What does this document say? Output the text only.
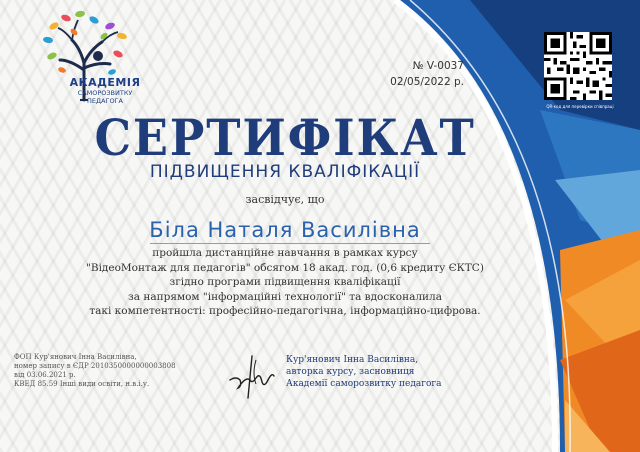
АКАДЕМІЯ
САМОРОЗВИТКУ
ПЕДАГОГА
№ V-0037
02/05/2022 р.
QR-код для перевірки співпраці
СЕРТИФІКАТ
ПІДВИЩЕННЯ КВАЛІФІКАЦІЇ
засвідчує, що
Біла Наталя Василівна
пройшла дистанційне навчання в рамках курсу
"ВідеоМонтаж для педагогів" обсягом 18 акад. год. (0,6 кредиту ЄКТС)
згідно програми підвищення кваліфікації
за напрямом "інформаційні технології" та вдосконалила
такі компетентності: професійно-педагогічна, інформаційно-цифрова.
ФОП Кур'янович Інна Василівна,
номер запису в ЄДР 2010350000000003808
від 03.06.2021 р.
КВЕД 85.59 Інші види освіти, н.в.і.у.
Кур'янович Інна Василівна,
авторка курсу, засновниця
Академії саморозвитку педагога
